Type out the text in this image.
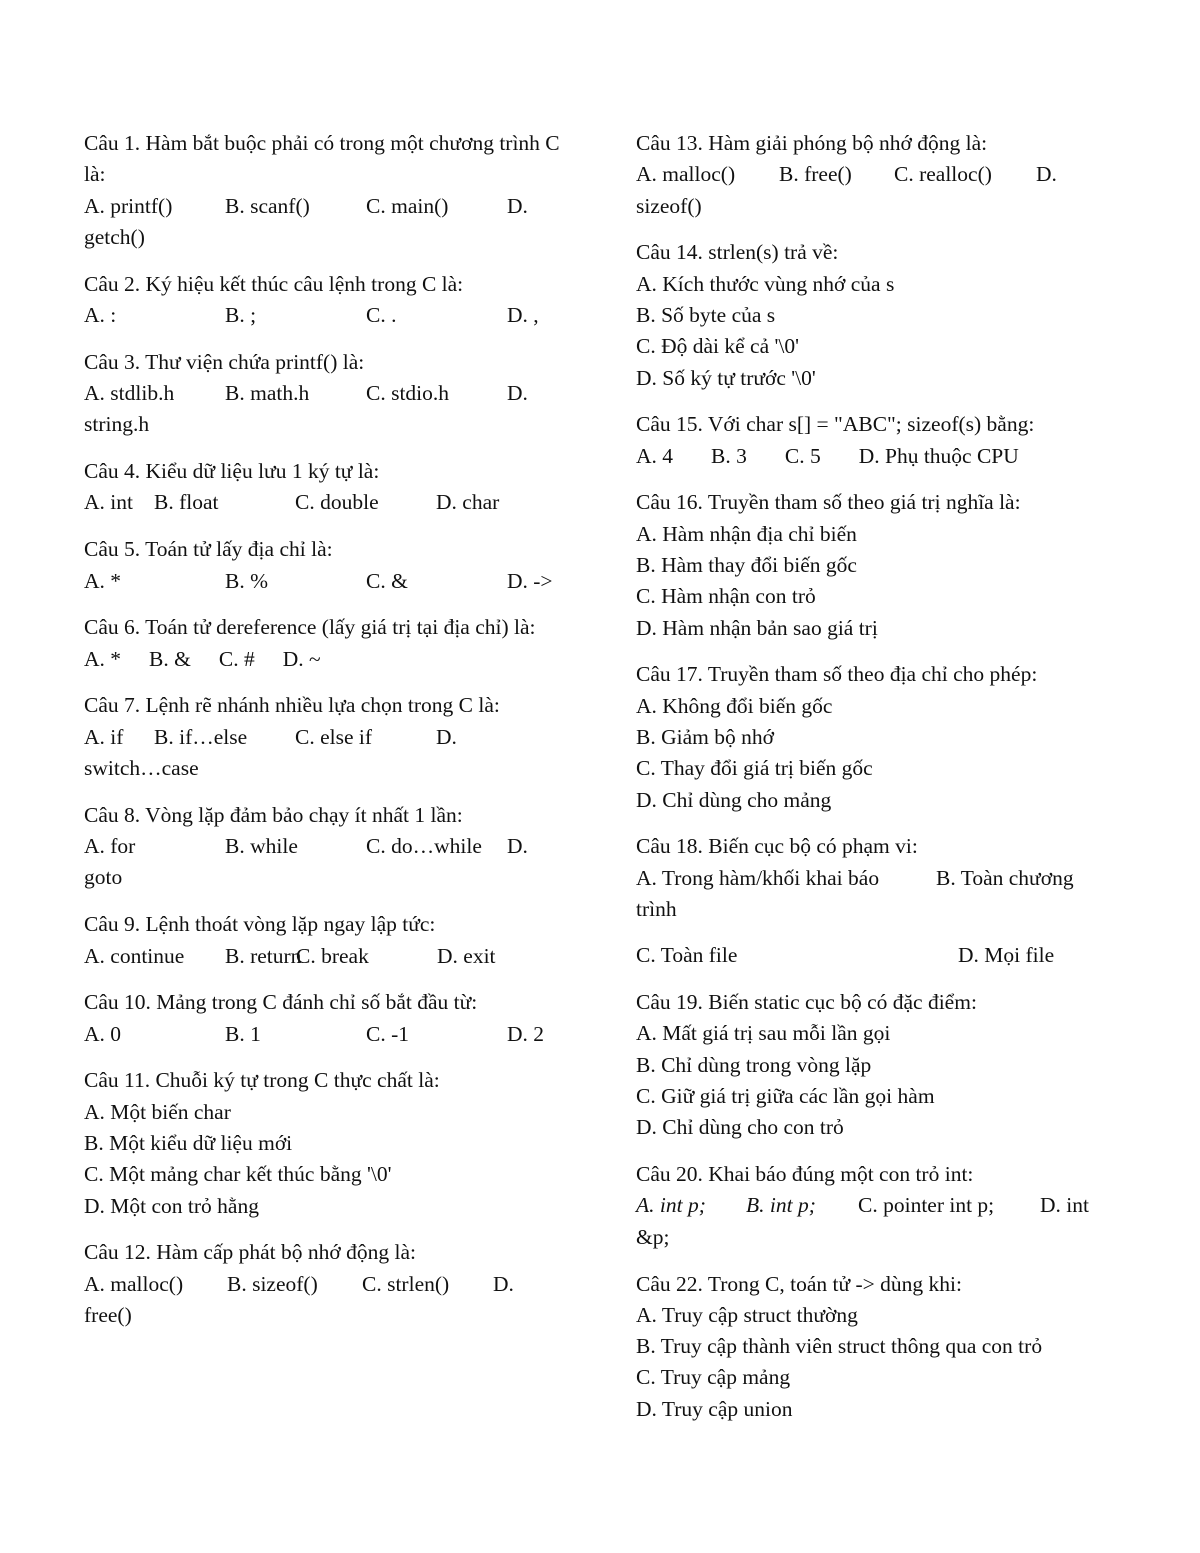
Câu 1. Hàm bắt buộc phải có trong một chương trình C là:

A. printf()	B. scanf()	C. main()	D.

getch()

Câu 2. Ký hiệu kết thúc câu lệnh trong C là:

A. :	B. ;	C. .	D. ,

Câu 3. Thư viện chứa printf() là:

A. stdlib.h	B. math.h	C. stdio.h	D.

string.h

Câu 4. Kiểu dữ liệu lưu 1 ký tự là:

A. int B. float	C. double	D. char

Câu 5. Toán tử lấy địa chỉ là:

A. *	B. %	C. &	D. ->

Câu 6. Toán tử dereference (lấy giá trị tại địa chỉ) là:

A. * B. & C. # D. ~

Câu 7. Lệnh rẽ nhánh nhiều lựa chọn trong C là:

A. if	B. if…else	C. else if	D.

switch…case

Câu 8. Vòng lặp đảm bảo chạy ít nhất 1 lần:

A. for	B. while	C. do…while	D.

goto

Câu 9. Lệnh thoát vòng lặp ngay lập tức:

A. continue	B. return
C. break	D. exit

Câu 10. Mảng trong C đánh chỉ số bắt đầu từ:

A. 0	B. 1	C. -1	D. 2

Câu 11. Chuỗi ký tự trong C thực chất là:

A. Một biến char

B. Một kiểu dữ liệu mới

C. Một mảng char kết thúc bằng '\0'

D. Một con trỏ hằng

Câu 12. Hàm cấp phát bộ nhớ động là:

A. malloc()	B. sizeof()	C. strlen()	D.

free()

Câu 13. Hàm giải phóng bộ nhớ động là:

A. malloc()	B. free()	C. realloc()	D.

sizeof()

Câu 14. strlen(s) trả về:

A. Kích thước vùng nhớ của s

B. Số byte của s

C. Độ dài kể cả '\0'

D. Số ký tự trước '\0'

Câu 15. Với char s[] = "ABC"; sizeof(s) bằng:

A. 4 B. 3 C. 5 D. Phụ thuộc CPU

Câu 16. Truyền tham số theo giá trị nghĩa là:

A. Hàm nhận địa chỉ biến

B. Hàm thay đổi biến gốc

C. Hàm nhận con trỏ

D. Hàm nhận bản sao giá trị

Câu 17. Truyền tham số theo địa chỉ cho phép:

A. Không đổi biến gốc

B. Giảm bộ nhớ

C. Thay đổi giá trị biến gốc

D. Chỉ dùng cho mảng

Câu 18. Biến cục bộ có phạm vi:

A. Trong hàm/khối khai báo	B. Toàn chương

trình

C. Toàn file	D. Mọi file

Câu 19. Biến static cục bộ có đặc điểm:

A. Mất giá trị sau mỗi lần gọi

B. Chỉ dùng trong vòng lặp

C. Giữ giá trị giữa các lần gọi hàm

D. Chỉ dùng cho con trỏ

Câu 20. Khai báo đúng một con trỏ int:

A. int p;	B. int p;	C. pointer int p;	D. int

&p;

Câu 22. Trong C, toán tử -> dùng khi:

A. Truy cập struct thường

B. Truy cập thành viên struct thông qua con trỏ

C. Truy cập mảng

D. Truy cập union
